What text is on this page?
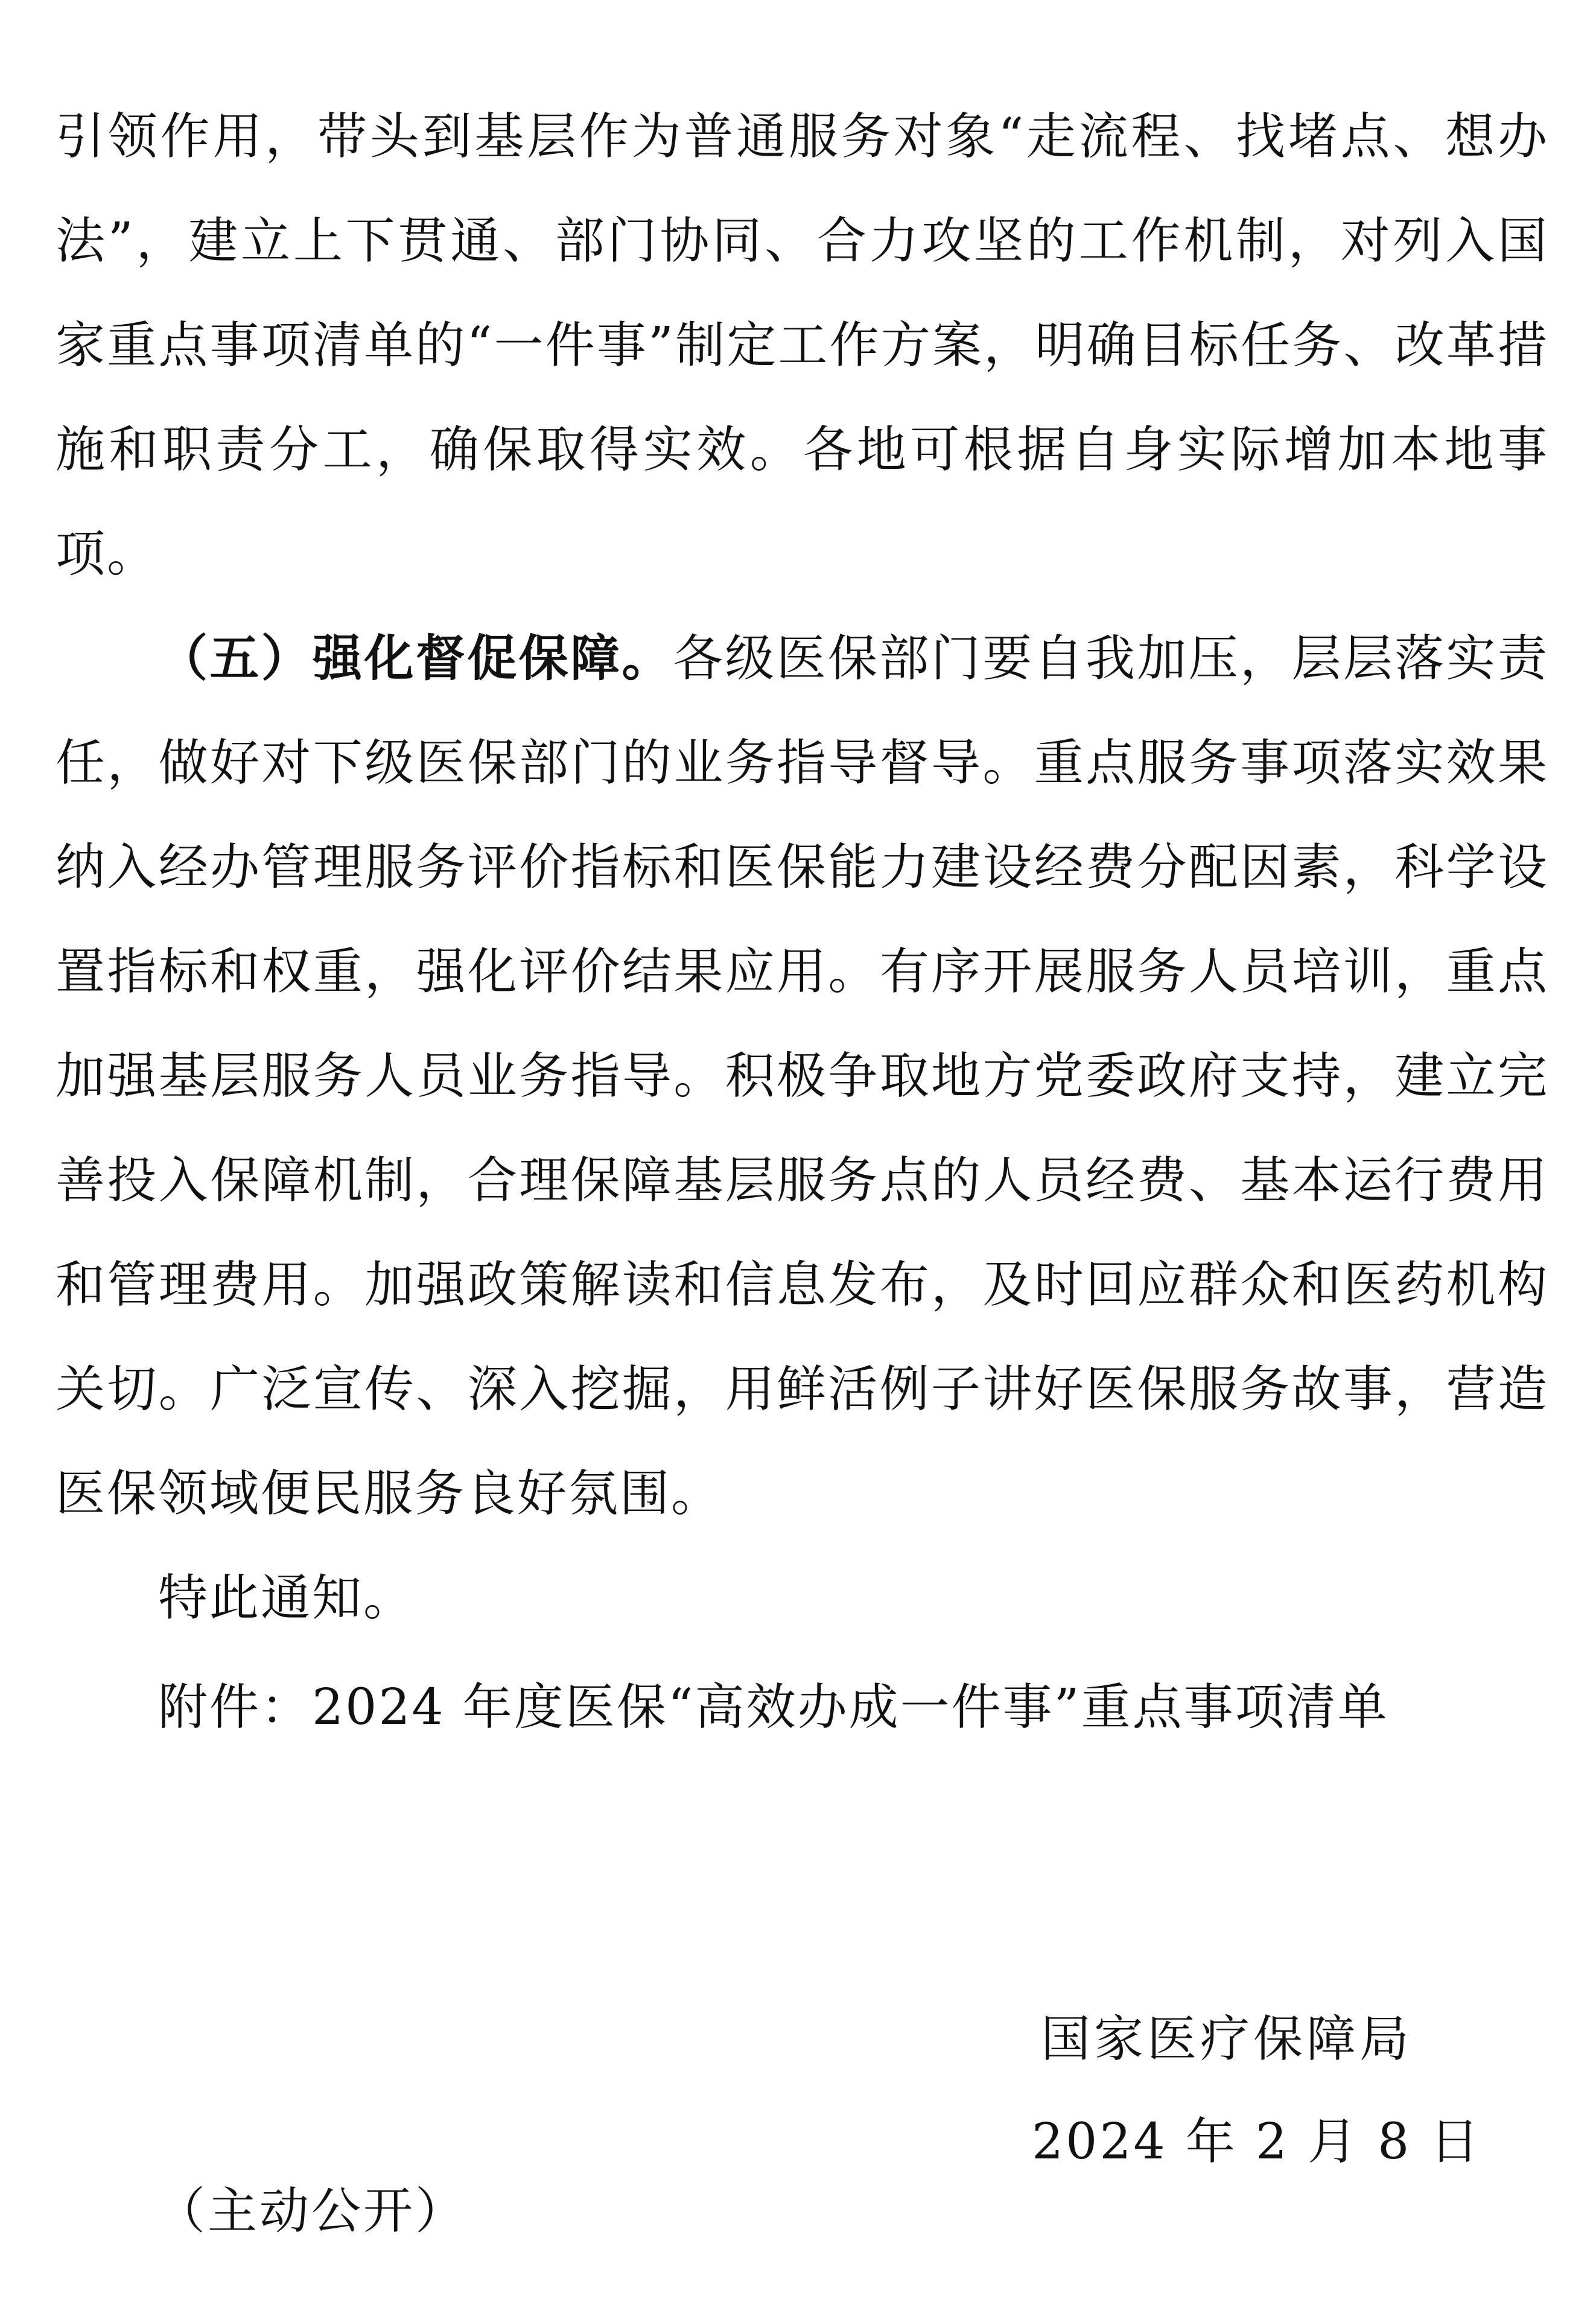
引领作用，带头到基层作为普通服务对象“走流程、找堵点、想办法”，建立上下贯通、部门协同、合力攻坚的工作机制，对列入国家重点事项清单的“一件事”制定工作方案，明确目标任务、改革措施和职责分工，确保取得实效。各地可根据自身实际增加本地事项。

（五）强化督促保障。各级医保部门要自我加压，层层落实责任，做好对下级医保部门的业务指导督导。重点服务事项落实效果纳入经办管理服务评价指标和医保能力建设经费分配因素，科学设置指标和权重，强化评价结果应用。有序开展服务人员培训，重点加强基层服务人员业务指导。积极争取地方党委政府支持，建立完善投入保障机制，合理保障基层服务点的人员经费、基本运行费用和管理费用。加强政策解读和信息发布，及时回应群众和医药机构关切。广泛宣传、深入挖掘，用鲜活例子讲好医保服务故事，营造医保领域便民服务良好氛围。

特此通知。

附件：2024 年度医保“高效办成一件事”重点事项清单
国家医疗保障局
2024 年 2 月 8 日
（主动公开）
